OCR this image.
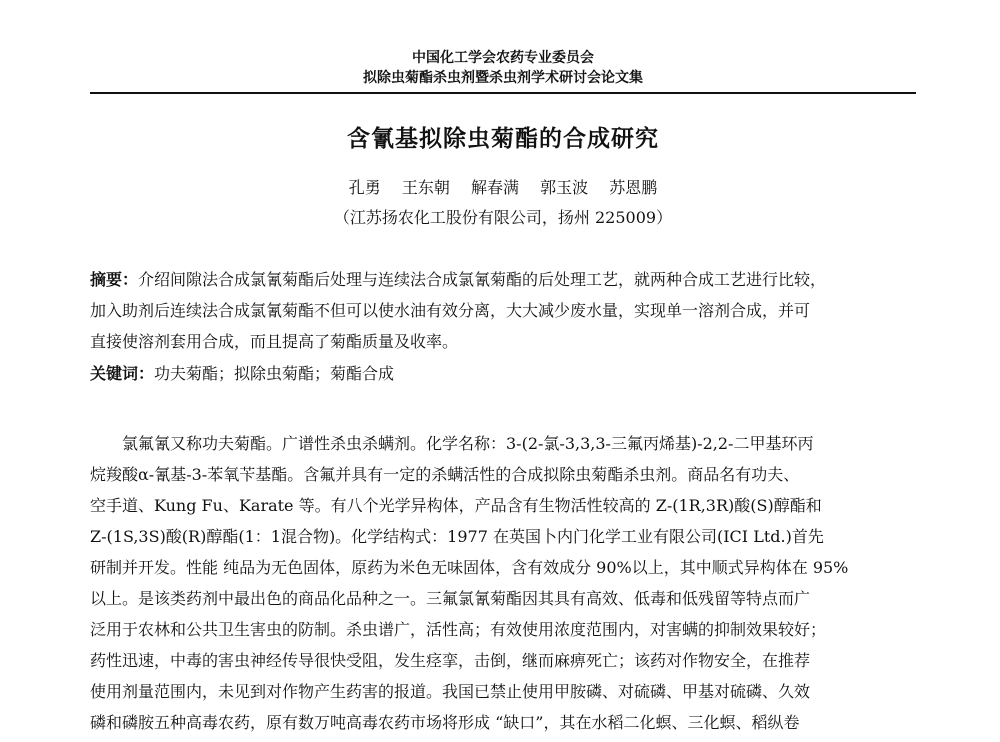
中国化工学会农药专业委员会
拟除虫菊酯杀虫剂暨杀虫剂学术研讨会论文集
含氰基拟除虫菊酯的合成研究
孔勇 王东朝 解春满 郭玉波 苏恩鹏
（江苏扬农化工股份有限公司，扬州 225009）

摘要：介绍间隙法合成氯氰菊酯后处理与连续法合成氯氰菊酯的后处理工艺，就两种合成工艺进行比较，

加入助剂后连续法合成氯氰菊酯不但可以使水油有效分离，大大减少废水量，实现单一溶剂合成，并可

直接使溶剂套用合成，而且提高了菊酯质量及收率。

关键词：功夫菊酯；拟除虫菊酯；菊酯合成
氯氟氰又称功夫菊酯。广谱性杀虫杀螨剂。化学名称：3-(2-氯-3,3,3-三氟丙烯基)-2,2-二甲基环丙
烷羧酸α-氰基-3-苯氧苄基酯。含氟并具有一定的杀螨活性的合成拟除虫菊酯杀虫剂。商品名有功夫、
空手道、Kung Fu、Karate 等。有八个光学异构体，产品含有生物活性较高的 Z-(1R,3R)酸(S)醇酯和
Z-(1S,3S)酸(R)醇酯(1：1混合物)。化学结构式：1977 在英国卜内门化学工业有限公司(ICI Ltd.)首先
研制并开发。性能 纯品为无色固体，原药为米色无味固体，含有效成分 90%以上，其中顺式异构体在 95%
以上。是该类药剂中最出色的商品化品种之一。三氟氯氰菊酯因其具有高效、低毒和低残留等特点而广
泛用于农林和公共卫生害虫的防制。杀虫谱广，活性高；有效使用浓度范围内，对害螨的抑制效果较好；
药性迅速，中毒的害虫神经传导很快受阻，发生痉挛，击倒，继而麻痹死亡；该药对作物安全，在推荐
使用剂量范围内，未见到对作物产生药害的报道。我国已禁止使用甲胺磷、对硫磷、甲基对硫磷、久效
磷和磷胺五种高毒农药，原有数万吨高毒农药市场将形成 “缺口”，其在水稻二化螟、三化螟、稻纵卷
